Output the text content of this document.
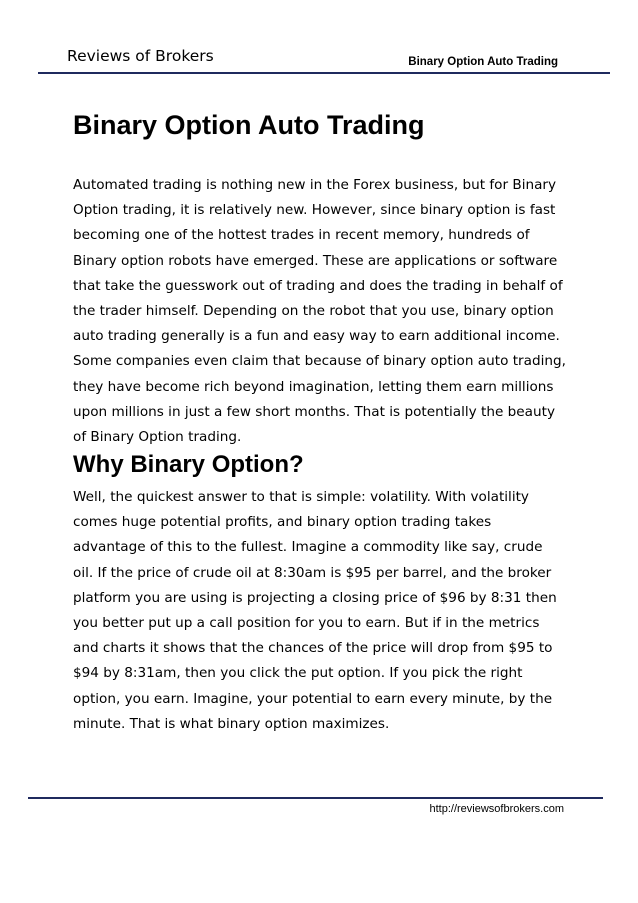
Reviews of Brokers	Binary Option Auto Trading
Binary Option Auto Trading
Automated trading is nothing new in the Forex business, but for Binary
Option trading, it is relatively new. However, since binary option is fast
becoming one of the hottest trades in recent memory, hundreds of
Binary option robots have emerged. These are applications or software
that take the guesswork out of trading and does the trading in behalf of
the trader himself. Depending on the robot that you use, binary option
auto trading generally is a fun and easy way to earn additional income.
Some companies even claim that because of binary option auto trading,
they have become rich beyond imagination, letting them earn millions
upon millions in just a few short months. That is potentially the beauty
of Binary Option trading.
Why Binary Option?
Well, the quickest answer to that is simple: volatility. With volatility
comes huge potential profits, and binary option trading takes
advantage of this to the fullest. Imagine a commodity like say, crude
oil. If the price of crude oil at 8:30am is $95 per barrel, and the broker
platform you are using is projecting a closing price of $96 by 8:31 then
you better put up a call position for you to earn. But if in the metrics
and charts it shows that the chances of the price will drop from $95 to
$94 by 8:31am, then you click the put option. If you pick the right
option, you earn. Imagine, your potential to earn every minute, by the
minute. That is what binary option maximizes.
http://reviewsofbrokers.com
